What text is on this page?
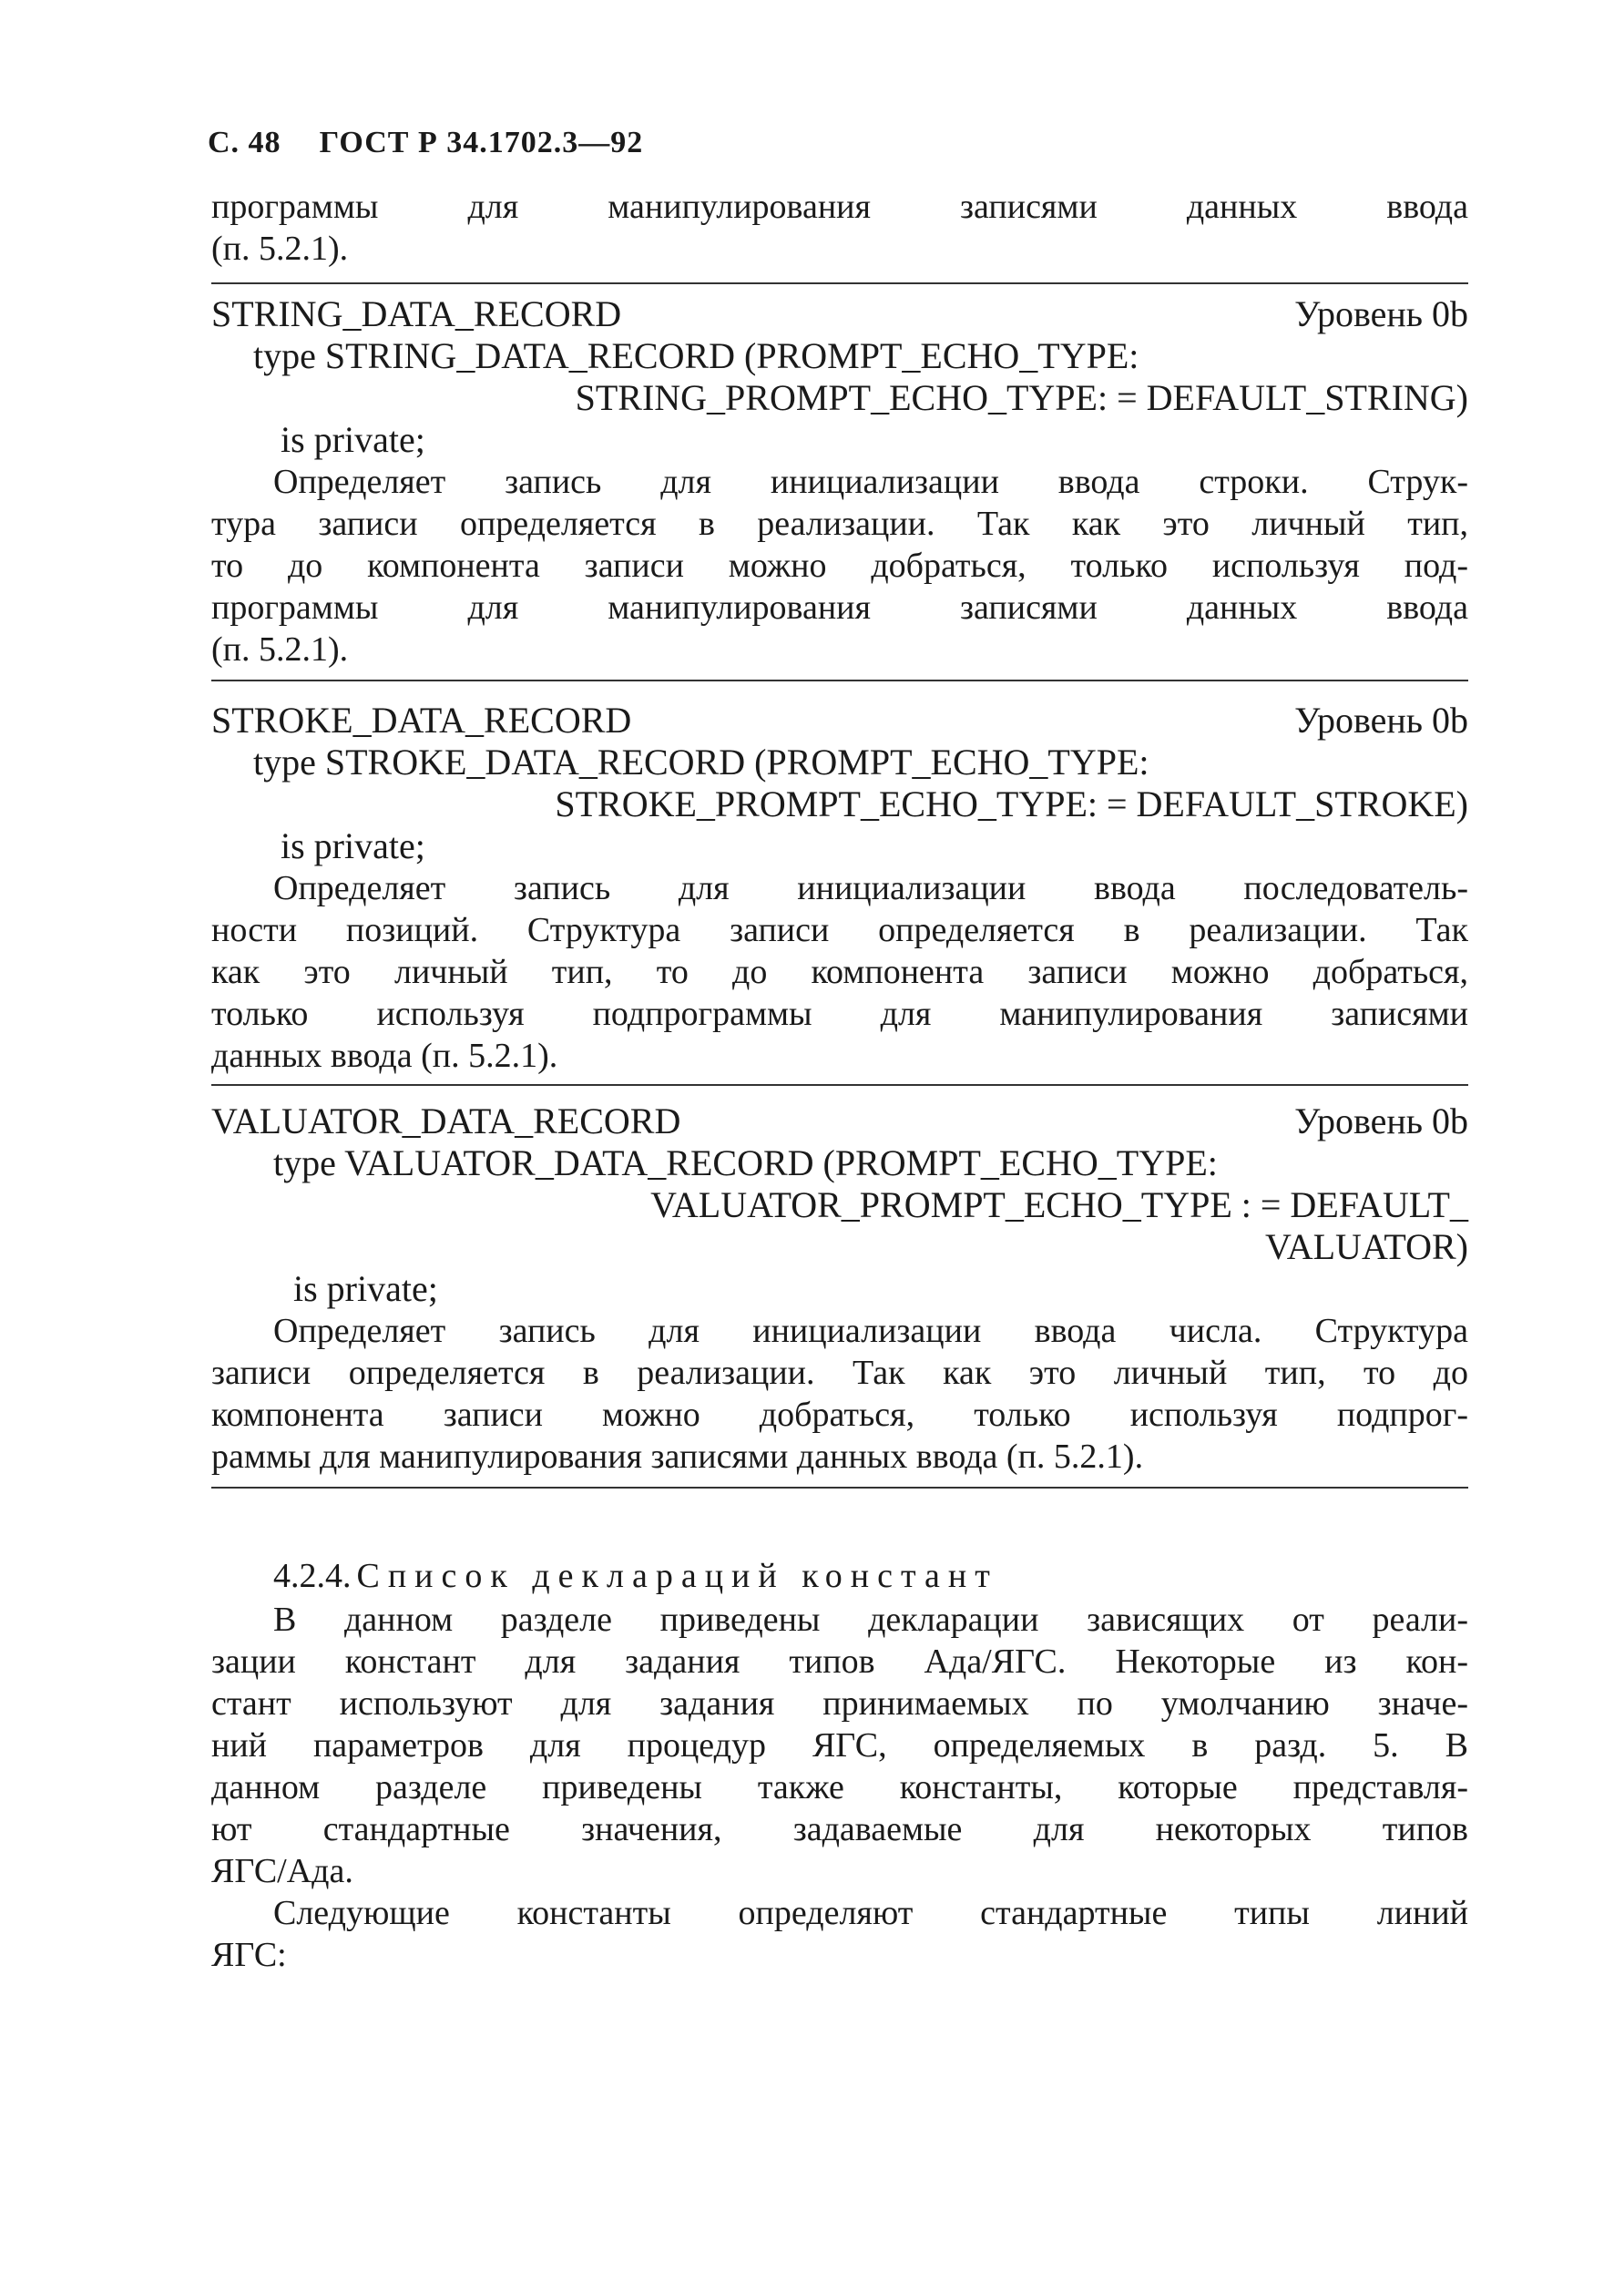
С. 48 ГОСТ Р 34.1702.3—92
программы для манипулирования записями данных ввода
(п. 5.2.1).
STRING_DATA_RECORD	Уровень 0b
type STRING_DATA_RECORD (PROMPT_ECHO_TYPE:
STRING_PROMPT_ECHO_TYPE: = DEFAULT_STRING)
is private;
Определяет запись для инициализации ввода строки. Струк-
тура записи определяется в реализации. Так как это личный тип,
то до компонента записи можно добраться, только используя под-
программы для манипулирования записями данных ввода
(п. 5.2.1).
STROKE_DATA_RECORD	Уровень 0b
type STROKE_DATA_RECORD (PROMPT_ECHO_TYPE:
STROKE_PROMPT_ECHO_TYPE: = DEFAULT_STROKE)
is private;
Определяет запись для инициализации ввода последователь-
ности позиций. Структура записи определяется в реализации. Так
как это личный тип, то до компонента записи можно добраться,
только используя подпрограммы для манипулирования записями
данных ввода (п. 5.2.1).
VALUATOR_DATA_RECORD	Уровень 0b
type VALUATOR_DATA_RECORD (PROMPT_ECHO_TYPE:
VALUATOR_PROMPT_ECHO_TYPE : = DEFAULT_
VALUATOR)
is private;
Определяет запись для инициализации ввода числа. Структура
записи определяется в реализации. Так как это личный тип, то до
компонента записи можно добраться, только используя подпрог-
раммы для манипулирования записями данных ввода (п. 5.2.1).
4.2.4. Список деклараций констант
В данном разделе приведены декларации зависящих от реали-
зации констант для задания типов Ада/ЯГС. Некоторые из кон-
стант используют для задания принимаемых по умолчанию значе-
ний параметров для процедур ЯГС, определяемых в разд. 5. В
данном разделе приведены также константы, которые представля-
ют стандартные значения, задаваемые для некоторых типов
ЯГС/Ада.
Следующие константы определяют стандартные типы линий
ЯГС:
